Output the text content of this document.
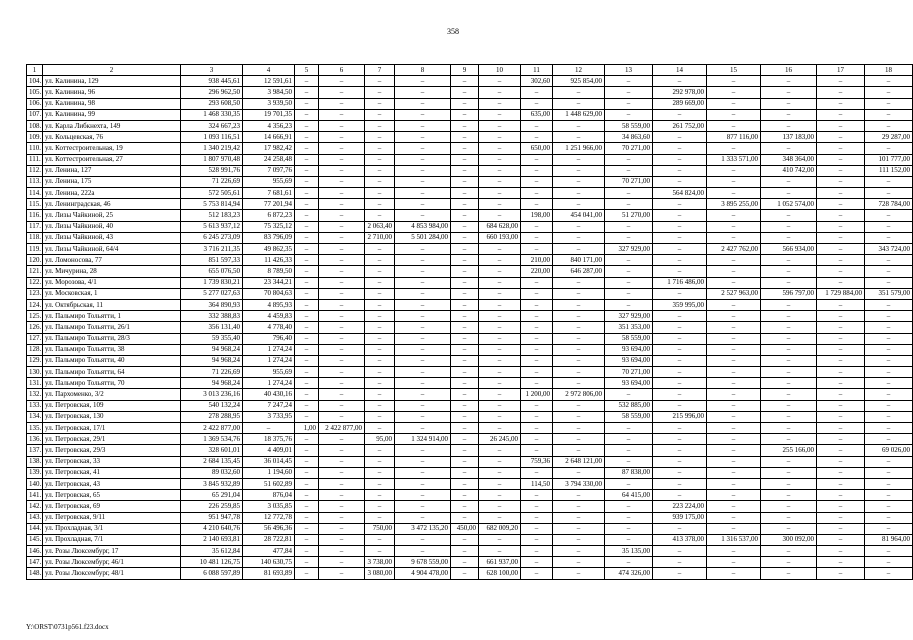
358
1	2	3	4	5	6	7	8	9	10	11	12	13	14	15	16	17	18
104.	ул. Калинина, 129	938 445,61	12 591,61	–	–	–	–	–	–	302,60	925 854,00	–	–	–	–	–	–
105.	ул. Калинина, 96	296 962,50	3 984,50	–	–	–	–	–	–	–	–	–	292 978,00	–	–	–	–
106.	ул. Калинина, 98	293 608,50	3 939,50	–	–	–	–	–	–	–	–	–	289 669,00	–	–	–	–
107.	ул. Калинина, 99	1 468 330,35	19 701,35	–	–	–	–	–	–	635,00	1 448 629,00	–	–	–	–	–	–
108.	ул. Карла Либкнехта, 149	324 667,23	4 356,23	–	–	–	–	–	–	–	–	58 559,00	261 752,00	–	–	–	–
109.	ул. Кольцевская, 76	1 093 116,51	14 666,91	–	–	–	–	–	–	–	–	34 863,60	–	877 116,00	137 183,00	–	29 287,00
110.	ул. Коттестроительная, 19	1 340 219,42	17 982,42	–	–	–	–	–	–	650,00	1 251 966,00	70 271,00	–	–	–	–	–
111.	ул. Коттестроительная, 27	1 807 970,48	24 258,48	–	–	–	–	–	–	–	–	–	–	1 333 571,00	348 364,00	–	101 777,00
112.	ул. Ленина, 127	528 991,76	7 097,76	–	–	–	–	–	–	–	–	–	–	–	410 742,00	–	111 152,00
113.	ул. Ленина, 175	71 226,69	955,69	–	–	–	–	–	–	–	–	70 271,00	–	–	–	–	–
114.	ул. Ленина, 222а	572 505,61	7 681,61	–	–	–	–	–	–	–	–	–	564 824,00	–	–	–	–
115.	ул. Ленинградская, 46	5 753 814,94	77 201,94	–	–	–	–	–	–	–	–	–	–	3 895 255,00	1 052 574,00	–	728 784,00
116.	ул. Лизы Чайкиной, 25	512 183,23	6 872,23	–	–	–	–	–	–	198,00	454 041,00	51 270,00	–	–	–	–	–
117.	ул. Лизы Чайкиной, 40	5 613 937,12	75 325,12	–	–	2 063,40	4 853 984,00	–	684 628,00	–	–	–	–	–	–	–	–
118.	ул. Лизы Чайкиной, 43	6 245 273,09	83 796,09	–	–	2 710,00	5 501 284,00	–	660 193,00	–	–	–	–	–	–	–	–
119.	ул. Лизы Чайкиной, 64/4	3 716 211,35	49 862,35	–	–	–	–	–	–	–	–	327 929,00	–	2 427 762,00	566 934,00	–	343 724,00
120.	ул. Ломоносова, 77	851 597,33	11 426,33	–	–	–	–	–	–	210,00	840 171,00	–	–	–	–	–	–
121.	ул. Мичурина, 28	655 076,50	8 789,50	–	–	–	–	–	–	220,00	646 287,00	–	–	–	–	–	–
122.	ул. Морозова, 4/1	1 739 830,21	23 344,21	–	–	–	–	–	–	–	–	–	1 716 486,00	–	–	–	–
123.	ул. Московская, 1	5 277 027,63	70 804,63	–	–	–	–	–	–	–	–	–	–	2 527 963,00	596 797,00	1 729 884,00	351 579,00
124.	ул. Октябрьская, 11	364 890,93	4 895,93	–	–	–	–	–	–	–	–	–	359 995,00	–	–	–	–
125.	ул. Пальмиро Тольятти, 1	332 388,83	4 459,83	–	–	–	–	–	–	–	–	327 929,00	–	–	–	–	–
126.	ул. Пальмиро Тольятти, 26/1	356 131,40	4 778,40	–	–	–	–	–	–	–	–	351 353,00	–	–	–	–	–
127.	ул. Пальмиро Тольятти, 28/3	59 355,40	796,40	–	–	–	–	–	–	–	–	58 559,00	–	–	–	–	–
128.	ул. Пальмиро Тольятти, 38	94 968,24	1 274,24	–	–	–	–	–	–	–	–	93 694,00	–	–	–	–	–
129.	ул. Пальмиро Тольятти, 40	94 968,24	1 274,24	–	–	–	–	–	–	–	–	93 694,00	–	–	–	–	–
130.	ул. Пальмиро Тольятти, 64	71 226,69	955,69	–	–	–	–	–	–	–	–	70 271,00	–	–	–	–	–
131.	ул. Пальмиро Тольятти, 70	94 968,24	1 274,24	–	–	–	–	–	–	–	–	93 694,00	–	–	–	–	–
132.	ул. Пархоменко, 3/2	3 013 236,16	40 430,16	–	–	–	–	–	–	1 200,00	2 972 806,00	–	–	–	–	–	–
133.	ул. Петровская, 109	540 132,24	7 247,24	–	–	–	–	–	–	–	–	532 885,00	–	–	–	–	–
134.	ул. Петровская, 130	278 288,95	3 733,95	–	–	–	–	–	–	–	–	58 559,00	215 996,00	–	–	–	–
135.	ул. Петровская, 17/1	2 422 877,00	–	1,00	2 422 877,00	–	–	–	–	–	–	–	–	–	–	–	–
136.	ул. Петровская, 29/1	1 369 534,76	18 375,76	–	–	95,00	1 324 914,00	–	26 245,00	–	–	–	–	–	–	–	–
137.	ул. Петровская, 29/3	328 601,01	4 409,01	–	–	–	–	–	–	–	–	–	–	–	255 166,00	–	69 026,00
138.	ул. Петровская, 33	2 684 135,45	36 014,45	–	–	–	–	–	–	759,36	2 648 121,00	–	–	–	–	–	–
139.	ул. Петровская, 41	89 032,60	1 194,60	–	–	–	–	–	–	–	–	87 838,00	–	–	–	–	–
140.	ул. Петровская, 43	3 845 932,89	51 602,89	–	–	–	–	–	–	114,50	3 794 330,00	–	–	–	–	–	–
141.	ул. Петровская, 65	65 291,04	876,04	–	–	–	–	–	–	–	–	64 415,00	–	–	–	–	–
142.	ул. Петровская, 69	226 259,85	3 035,85	–	–	–	–	–	–	–	–	–	223 224,00	–	–	–	–
143.	ул. Петровская, 9/11	951 947,78	12 772,78	–	–	–	–	–	–	–	–	–	939 175,00	–	–	–	–
144.	ул. Прохладная, 3/1	4 210 640,76	56 496,36	–	–	750,00	3 472 135,20	450,00	682 009,20	–	–	–	–	–	–	–	–
145.	ул. Прохладная, 7/1	2 140 693,81	28 722,81	–	–	–	–	–	–	–	–	–	413 378,00	1 316 537,00	300 092,00	–	81 964,00
146.	ул. Розы Люксембург, 17	35 612,84	477,84	–	–	–	–	–	–	–	–	35 135,00	–	–	–	–	–
147.	ул. Розы Люксембург, 46/1	10 481 126,75	140 630,75	–	–	3 738,00	9 678 559,00	–	661 937,00	–	–	–	–	–	–	–	–
148.	ул. Розы Люксембург, 48/1	6 088 597,89	81 693,89	–	–	3 080,00	4 904 478,00	–	628 100,00	–	–	474 326,00	–	–	–	–	–
Y:\ORST\0731p561.f23.docx
